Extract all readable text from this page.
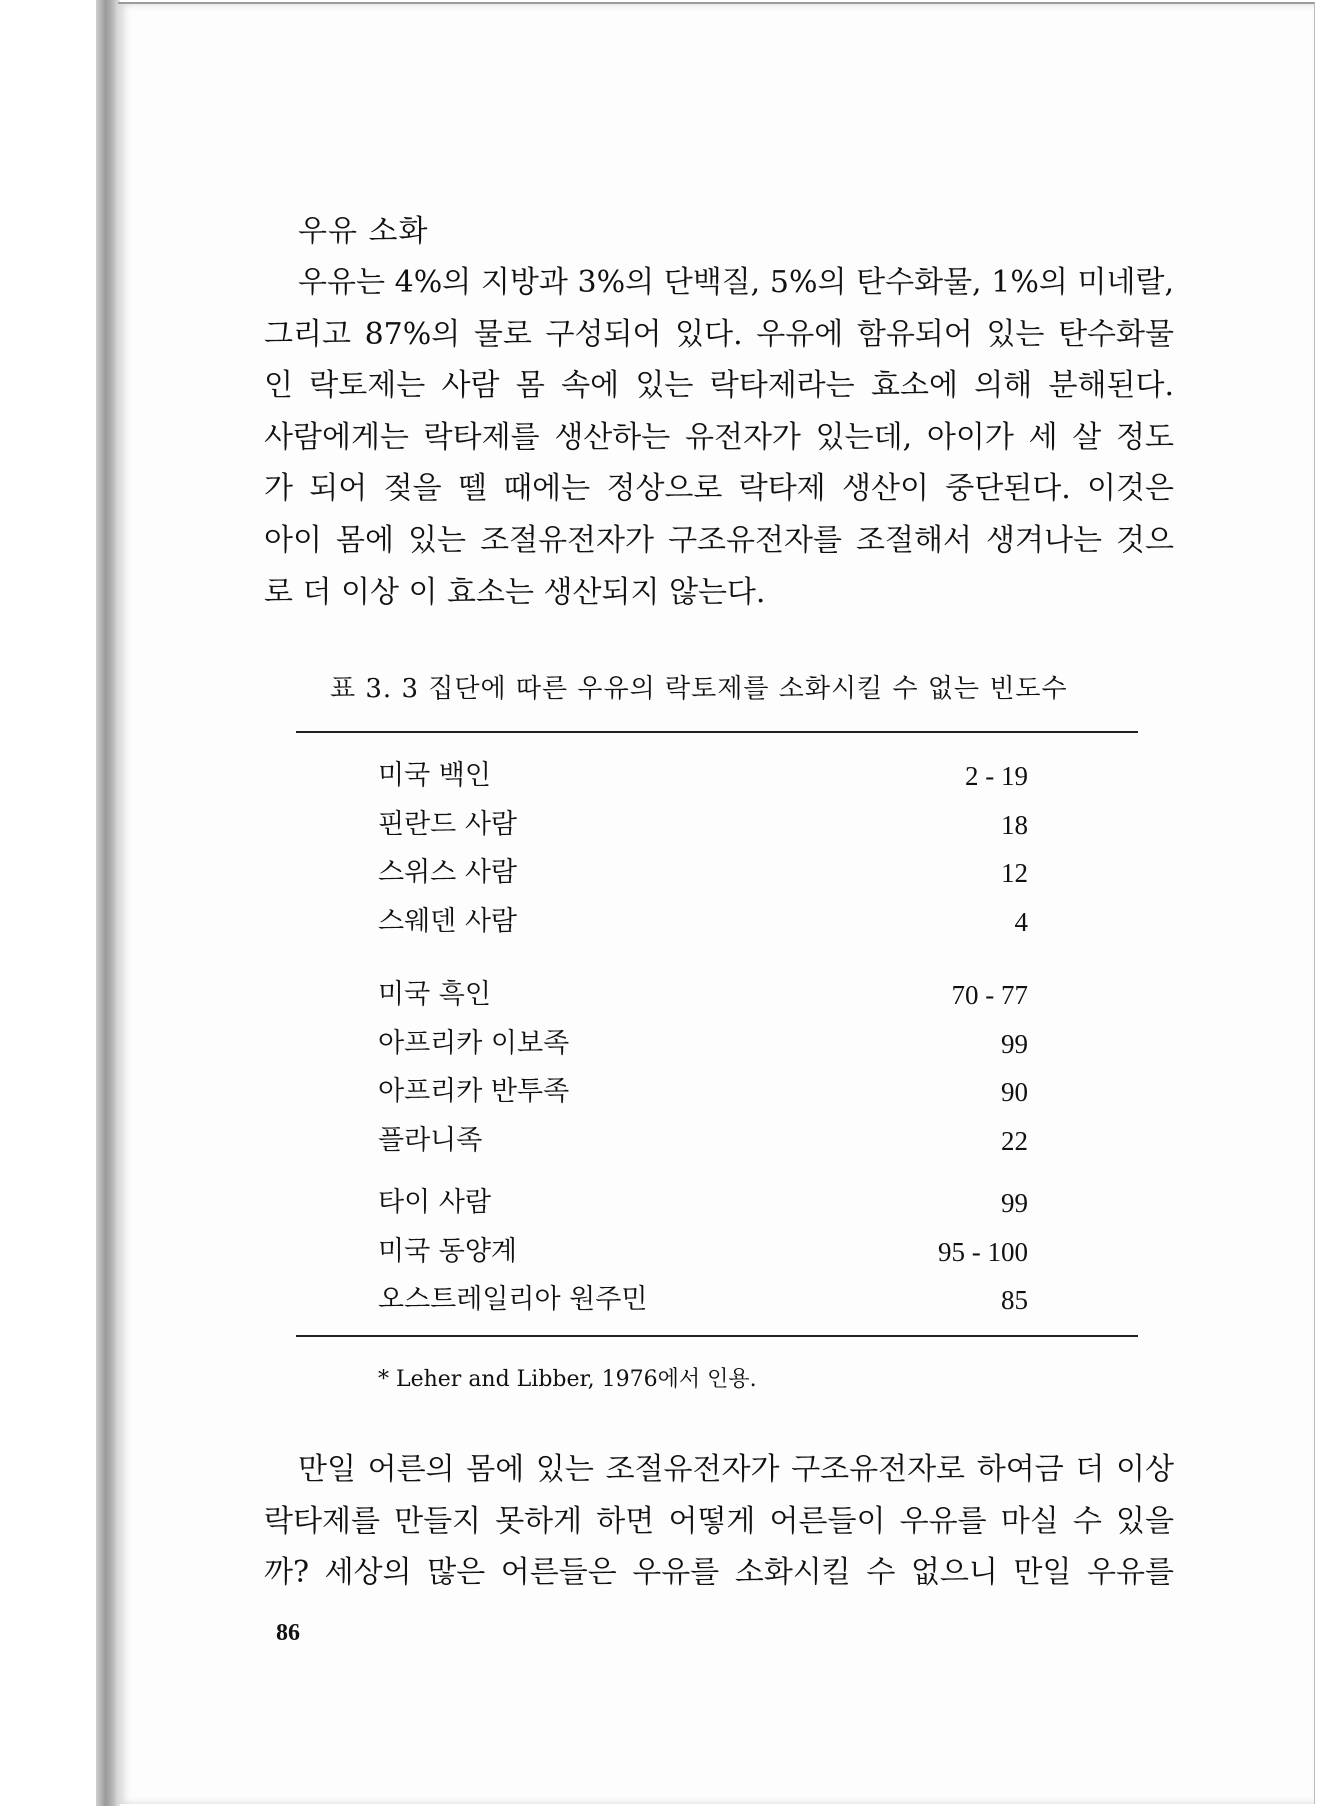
우유 소화
우유는 4%의 지방과 3%의 단백질, 5%의 탄수화물, 1%의 미네랄,
그리고 87%의 물로 구성되어 있다. 우유에 함유되어 있는 탄수화물
인 락토제는 사람 몸 속에 있는 락타제라는 효소에 의해 분해된다.
사람에게는 락타제를 생산하는 유전자가 있는데, 아이가 세 살 정도
가 되어 젖을 뗄 때에는 정상으로 락타제 생산이 중단된다. 이것은
아이 몸에 있는 조절유전자가 구조유전자를 조절해서 생겨나는 것으
로 더 이상 이 효소는 생산되지 않는다.
표 3. 3 집단에 따른 우유의 락토제를 소화시킬 수 없는 빈도수
미국 백인	2 - 19
핀란드 사람	18
스위스 사람	12
스웨덴 사람	4
미국 흑인	70 - 77
아프리카 이보족	99
아프리카 반투족	90
플라니족	22
타이 사람	99
미국 동양계	95 - 100
오스트레일리아 원주민	85
* Leher and Libber, 1976에서 인용.
만일 어른의 몸에 있는 조절유전자가 구조유전자로 하여금 더 이상
락타제를 만들지 못하게 하면 어떻게 어른들이 우유를 마실 수 있을
까? 세상의 많은 어른들은 우유를 소화시킬 수 없으니 만일 우유를
86
